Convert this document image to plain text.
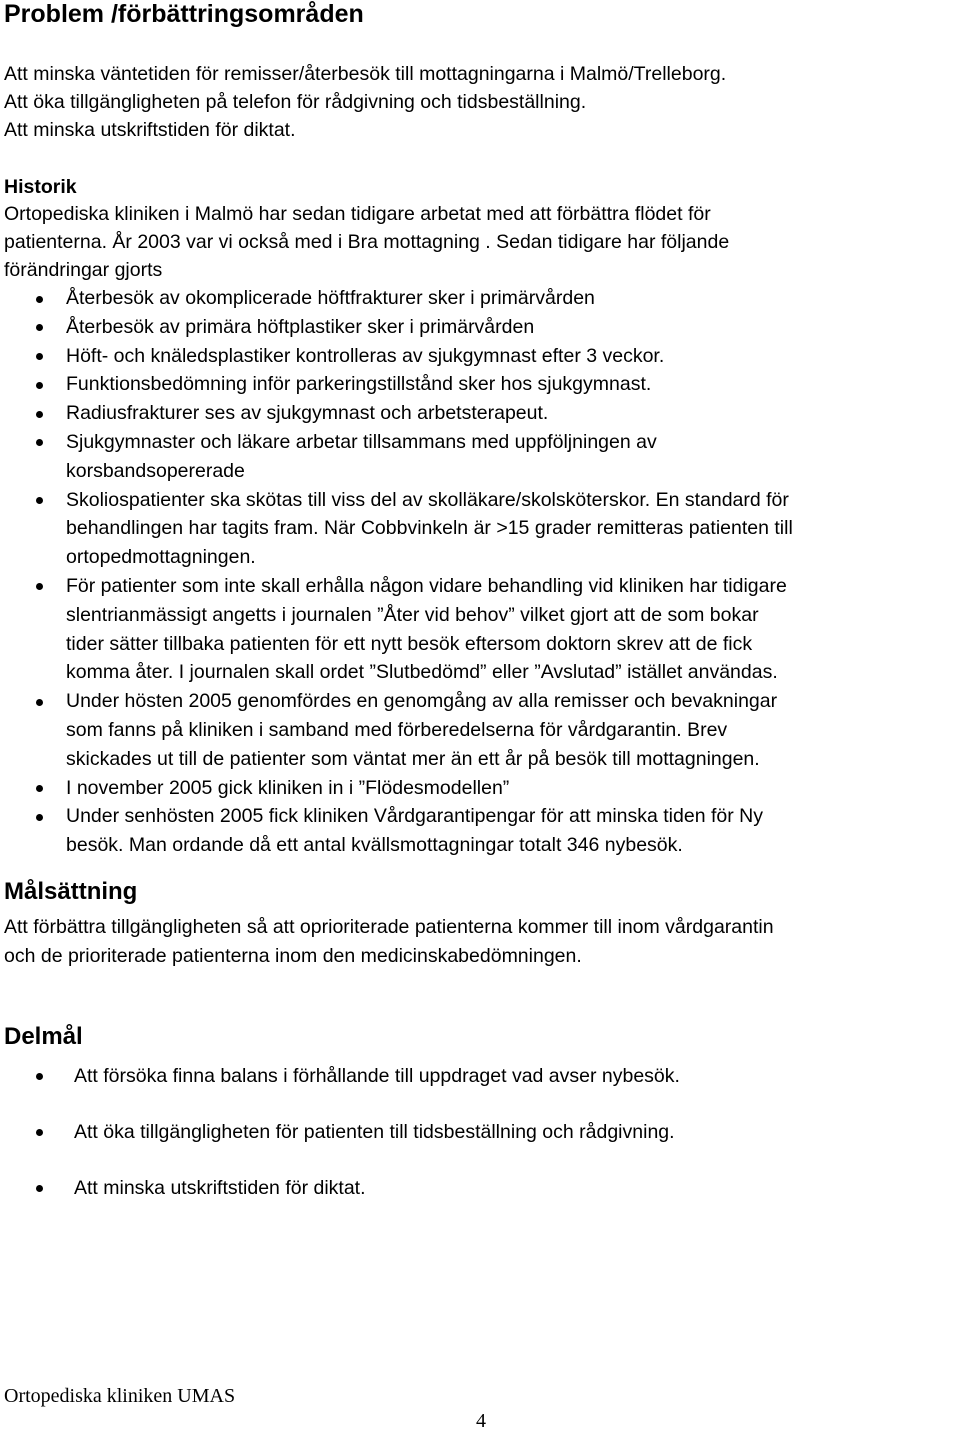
Problem /förbättringsområden
Att minska väntetiden för remisser/återbesök till mottagningarna i Malmö/Trelleborg.
Att öka tillgängligheten på telefon för rådgivning och tidsbeställning.
Att minska utskriftstiden för diktat.
Historik
Ortopediska kliniken i Malmö har sedan tidigare arbetat med att förbättra flödet för
patienterna. År 2003 var vi också med i Bra mottagning . Sedan tidigare har följande
förändringar gjorts
Återbesök av okomplicerade höftfrakturer sker i primärvården
Återbesök av primära höftplastiker sker i primärvården
Höft- och knäledsplastiker kontrolleras av sjukgymnast efter 3 veckor.
Funktionsbedömning inför parkeringstillstånd sker hos sjukgymnast.
Radiusfrakturer ses av sjukgymnast och arbetsterapeut.
Sjukgymnaster och läkare arbetar tillsammans med uppföljningen av
korsbandsopererade
Skoliospatienter ska skötas till viss del av skolläkare/skolsköterskor. En standard för
behandlingen har tagits fram. När Cobbvinkeln är >15 grader remitteras patienten till
ortopedmottagningen.
För patienter som inte skall erhålla någon vidare behandling vid kliniken har tidigare
slentrianmässigt angetts i journalen ”Åter vid behov” vilket gjort att de som bokar
tider sätter tillbaka patienten för ett nytt besök eftersom doktorn skrev att de fick
komma åter. I journalen skall ordet ”Slutbedömd” eller ”Avslutad” istället användas.
Under hösten 2005 genomfördes en genomgång av alla remisser och bevakningar
som fanns på kliniken i samband med förberedelserna för vårdgarantin. Brev
skickades ut till de patienter som väntat mer än ett år på besök till mottagningen.
I november 2005 gick kliniken in i ”Flödesmodellen”
Under senhösten 2005 fick kliniken Vårdgarantipengar för att minska tiden för Ny
besök. Man ordande då ett antal kvällsmottagningar totalt 346 nybesök.
Målsättning
Att förbättra tillgängligheten så att oprioriterade patienterna kommer till inom vårdgarantin
och de prioriterade patienterna inom den medicinskabedömningen.
Delmål
Att försöka finna balans i förhållande till uppdraget vad avser nybesök.
Att öka tillgängligheten för patienten till tidsbeställning och rådgivning.
Att minska utskriftstiden för diktat.
Ortopediska kliniken UMAS
4
